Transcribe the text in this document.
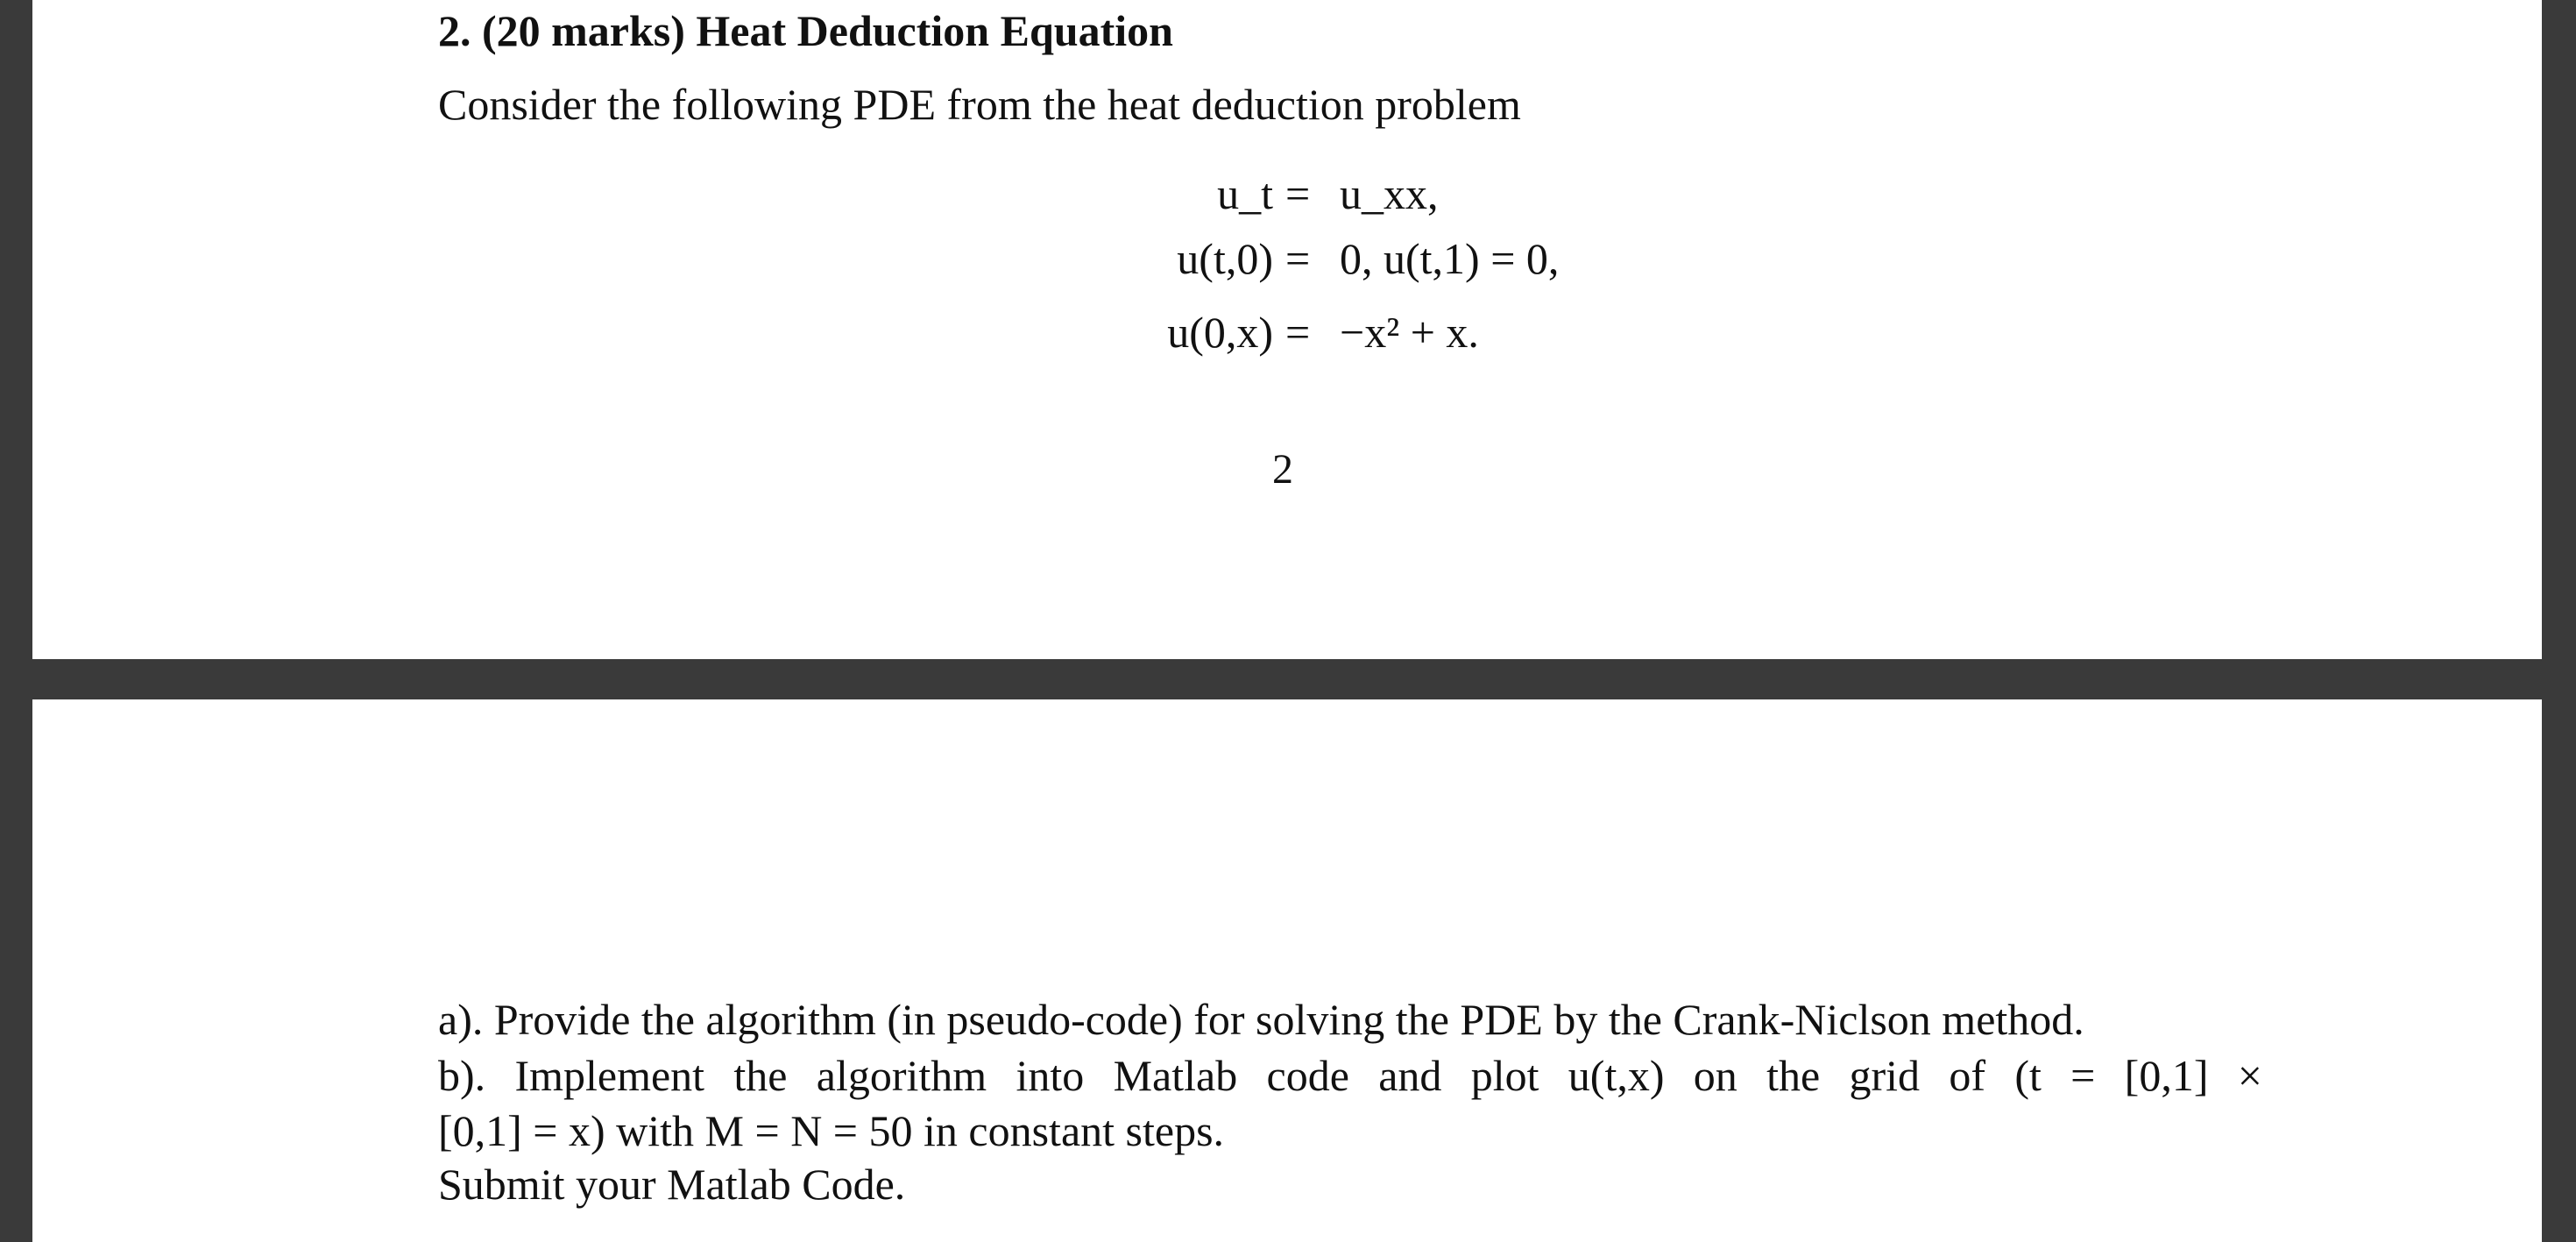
2. (20 marks) Heat Deduction Equation
Consider the following PDE from the heat deduction problem
u_t = u_xx,
u(t,0) = 0, u(t,1) = 0,
u(0,x) = −x² + x.
2
a). Provide the algorithm (in pseudo-code) for solving the PDE by the Crank-Niclson method.
b). Implement the algorithm into Matlab code and plot u(t,x) on the grid of (t = [0,1] ×
[0,1] = x) with M = N = 50 in constant steps.
Submit your Matlab Code.
